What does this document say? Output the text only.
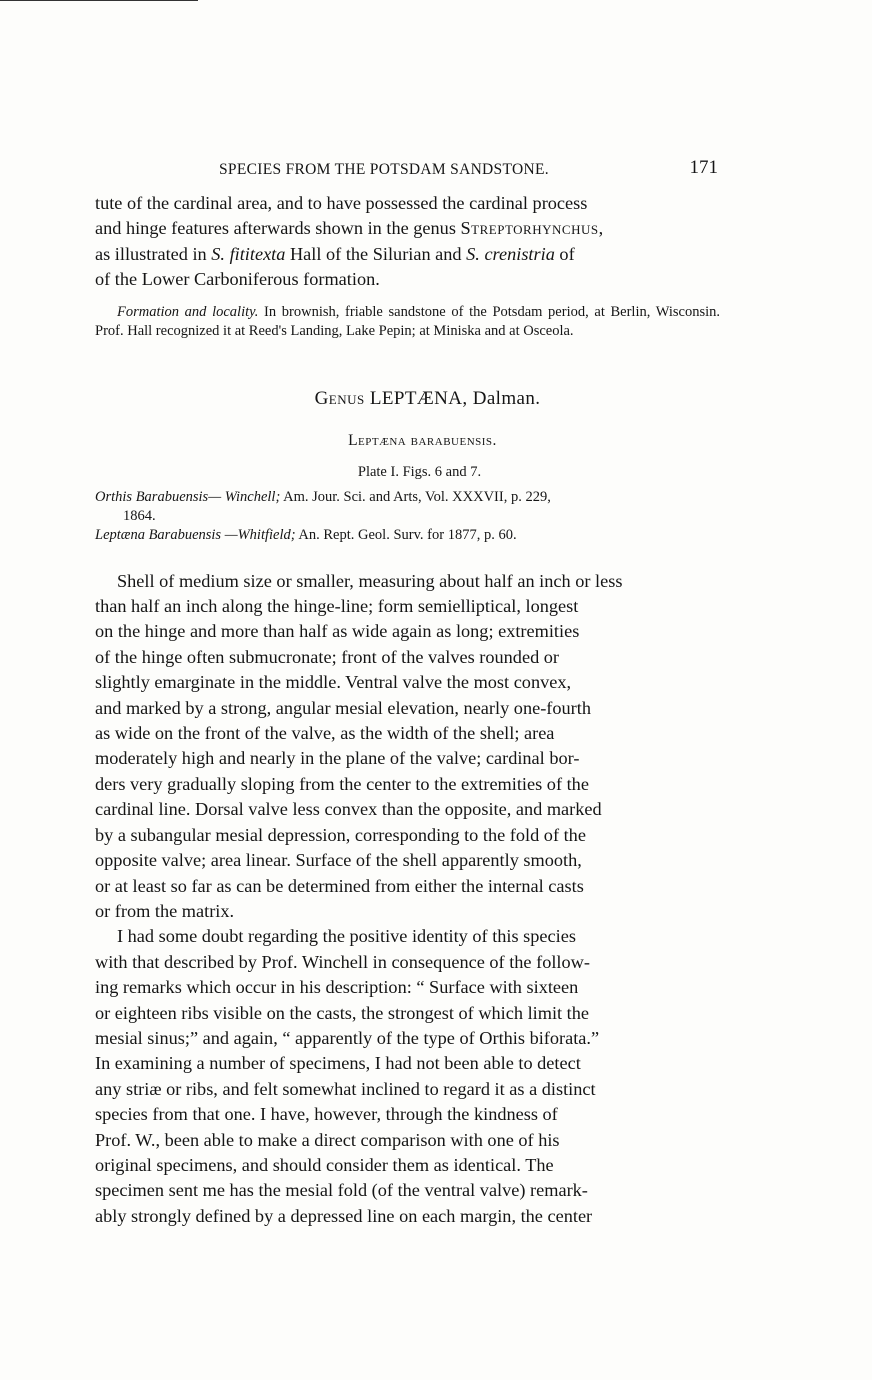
SPECIES FROM THE POTSDAM SANDSTONE.	171

tute of the cardinal area, and to have possessed the cardinal process

and hinge features afterwards shown in the genus Streptorhynchus,

as illustrated in S. fititexta Hall of the Silurian and S. crenistria of

of the Lower Carboniferous formation.

Formation and locality. In brownish, friable sandstone of the Potsdam period, at Berlin, Wisconsin. Prof. Hall recognized it at Reed's Landing, Lake Pepin; at Miniska and at Osceola.

Genus LEPTÆNA, Dalman.
Leptæna barabuensis.
Plate I. Figs. 6 and 7.

Orthis Barabuensis— Winchell; Am. Jour. Sci. and Arts, Vol. XXXVII, p. 229,

1864.

Leptæna Barabuensis —Whitfield; An. Rept. Geol. Surv. for 1877, p. 60.

Shell of medium size or smaller, measuring about half an inch or less

than half an inch along the hinge-line; form semielliptical, longest

on the hinge and more than half as wide again as long; extremities

of the hinge often submucronate; front of the valves rounded or

slightly emarginate in the middle. Ventral valve the most convex,

and marked by a strong, angular mesial elevation, nearly one-fourth

as wide on the front of the valve, as the width of the shell; area

moderately high and nearly in the plane of the valve; cardinal bor-

ders very gradually sloping from the center to the extremities of the

cardinal line. Dorsal valve less convex than the opposite, and marked

by a subangular mesial depression, corresponding to the fold of the

opposite valve; area linear. Surface of the shell apparently smooth,

or at least so far as can be determined from either the internal casts

or from the matrix.

I had some doubt regarding the positive identity of this species

with that described by Prof. Winchell in consequence of the follow-

ing remarks which occur in his description: “ Surface with sixteen

or eighteen ribs visible on the casts, the strongest of which limit the

mesial sinus;” and again, “ apparently of the type of Orthis biforata.”

In examining a number of specimens, I had not been able to detect

any striæ or ribs, and felt somewhat inclined to regard it as a distinct

species from that one. I have, however, through the kindness of

Prof. W., been able to make a direct comparison with one of his

original specimens, and should consider them as identical. The

specimen sent me has the mesial fold (of the ventral valve) remark-

ably strongly defined by a depressed line on each margin, the center
